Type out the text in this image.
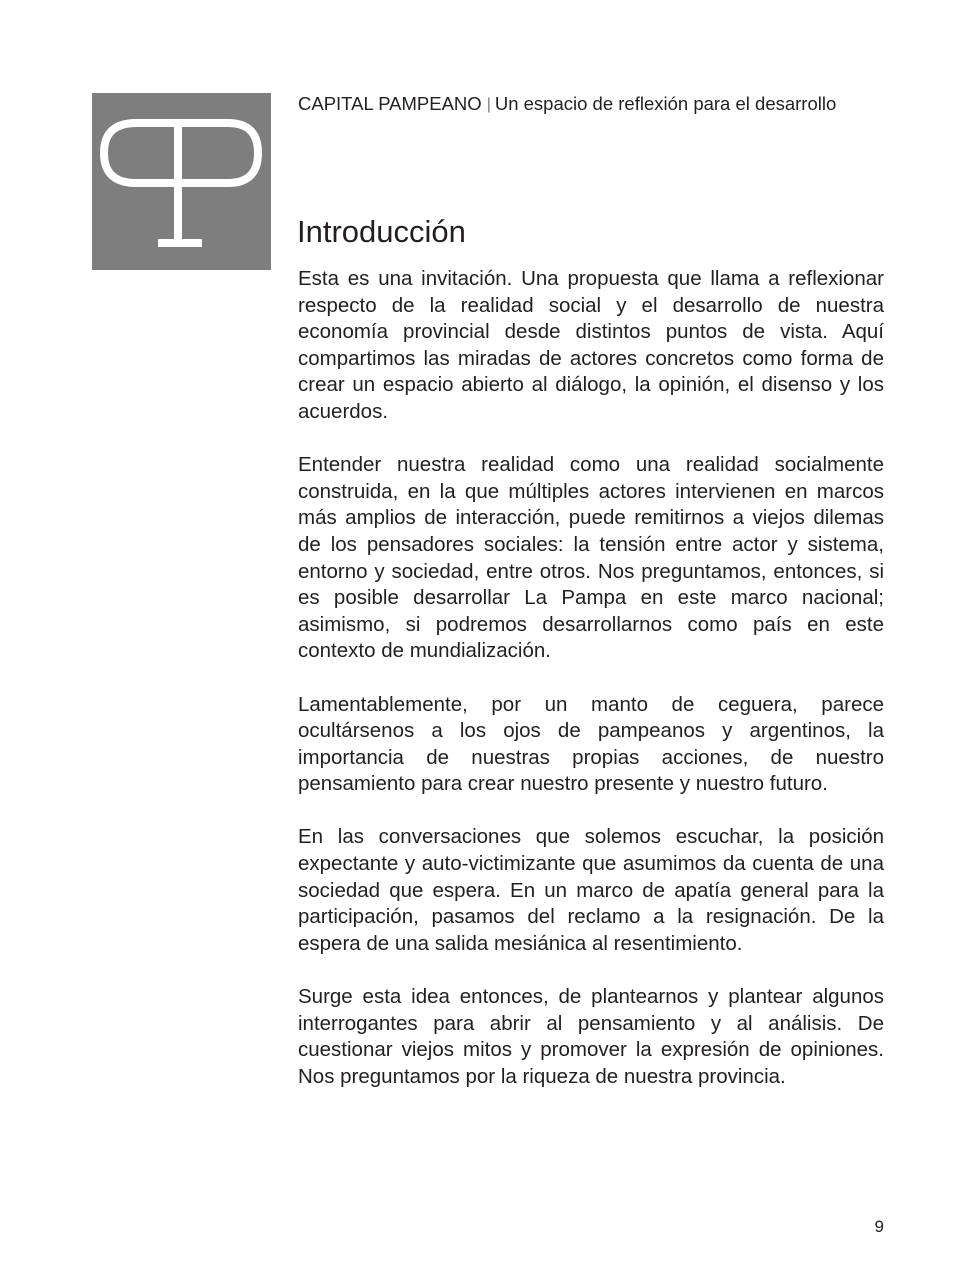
CAPITAL PAMPEANO | Un espacio de reflexión para el desarrollo
Introducción

Esta es una invitación. Una propuesta que llama a reflexionar respecto de la realidad social y el desarrollo de nuestra economía provincial desde distintos puntos de vista. Aquí compartimos las miradas de actores concretos como forma de crear un espacio abierto al diálogo, la opinión, el disenso y los acuerdos.

Entender nuestra realidad como una realidad socialmente construida, en la que múltiples actores intervienen en marcos más amplios de interacción, puede remitirnos a viejos dilemas de los pensadores sociales: la tensión entre actor y sistema, entorno y sociedad, entre otros. Nos preguntamos, entonces, si es posible desarrollar La Pampa en este marco nacional; asimismo, si podremos desarrollarnos como país en este contexto de mundialización.

Lamentablemente, por un manto de ceguera, parece ocultársenos a los ojos de pampeanos y argentinos, la importancia de nuestras propias acciones, de nuestro pensamiento para crear nuestro presente y nuestro futuro.

En las conversaciones que solemos escuchar, la posición expectante y auto-victimizante que asumimos da cuenta de una sociedad que espera. En un marco de apatía general para la participación, pasamos del reclamo a la resignación. De la espera de una salida mesiánica al resentimiento.

Surge esta idea entonces, de plantearnos y plantear algunos interrogantes para abrir al pensamiento y al análisis. De cuestionar viejos mitos y promover la expresión de opiniones. Nos preguntamos por la riqueza de nuestra provincia.

9
